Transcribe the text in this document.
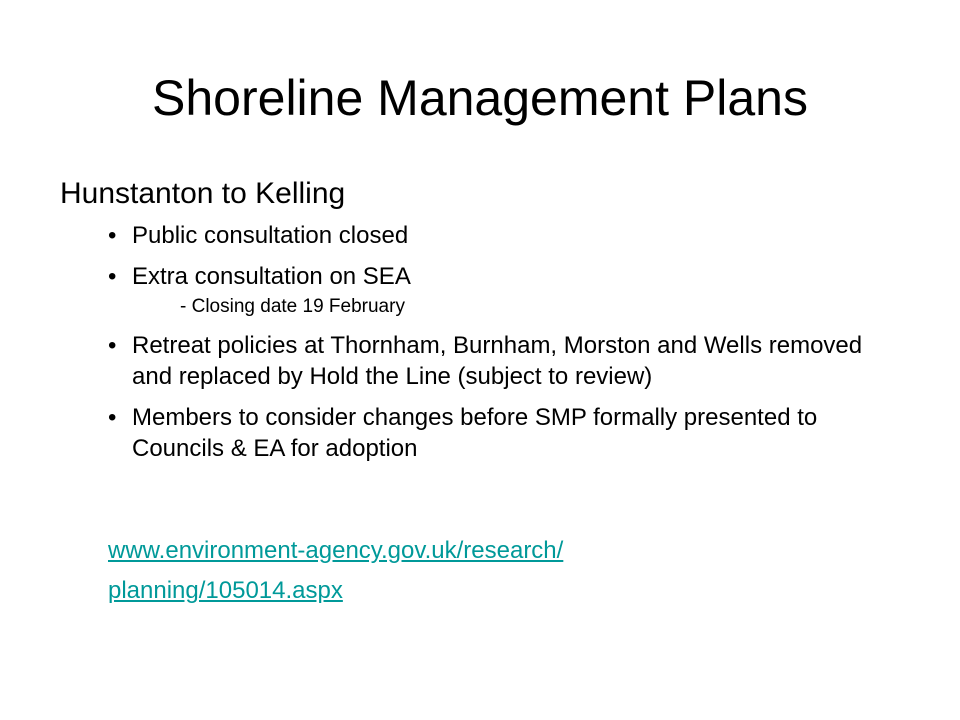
Shoreline Management Plans
Hunstanton to Kelling
• Public consultation closed
• Extra consultation on SEA
- Closing date 19 February
• Retreat policies at Thornham, Burnham, Morston and Wells removed and replaced by Hold the Line (subject to review)
• Members to consider changes before SMP formally presented to Councils & EA for adoption
www.environment-agency.gov.uk/research/
planning/105014.aspx
